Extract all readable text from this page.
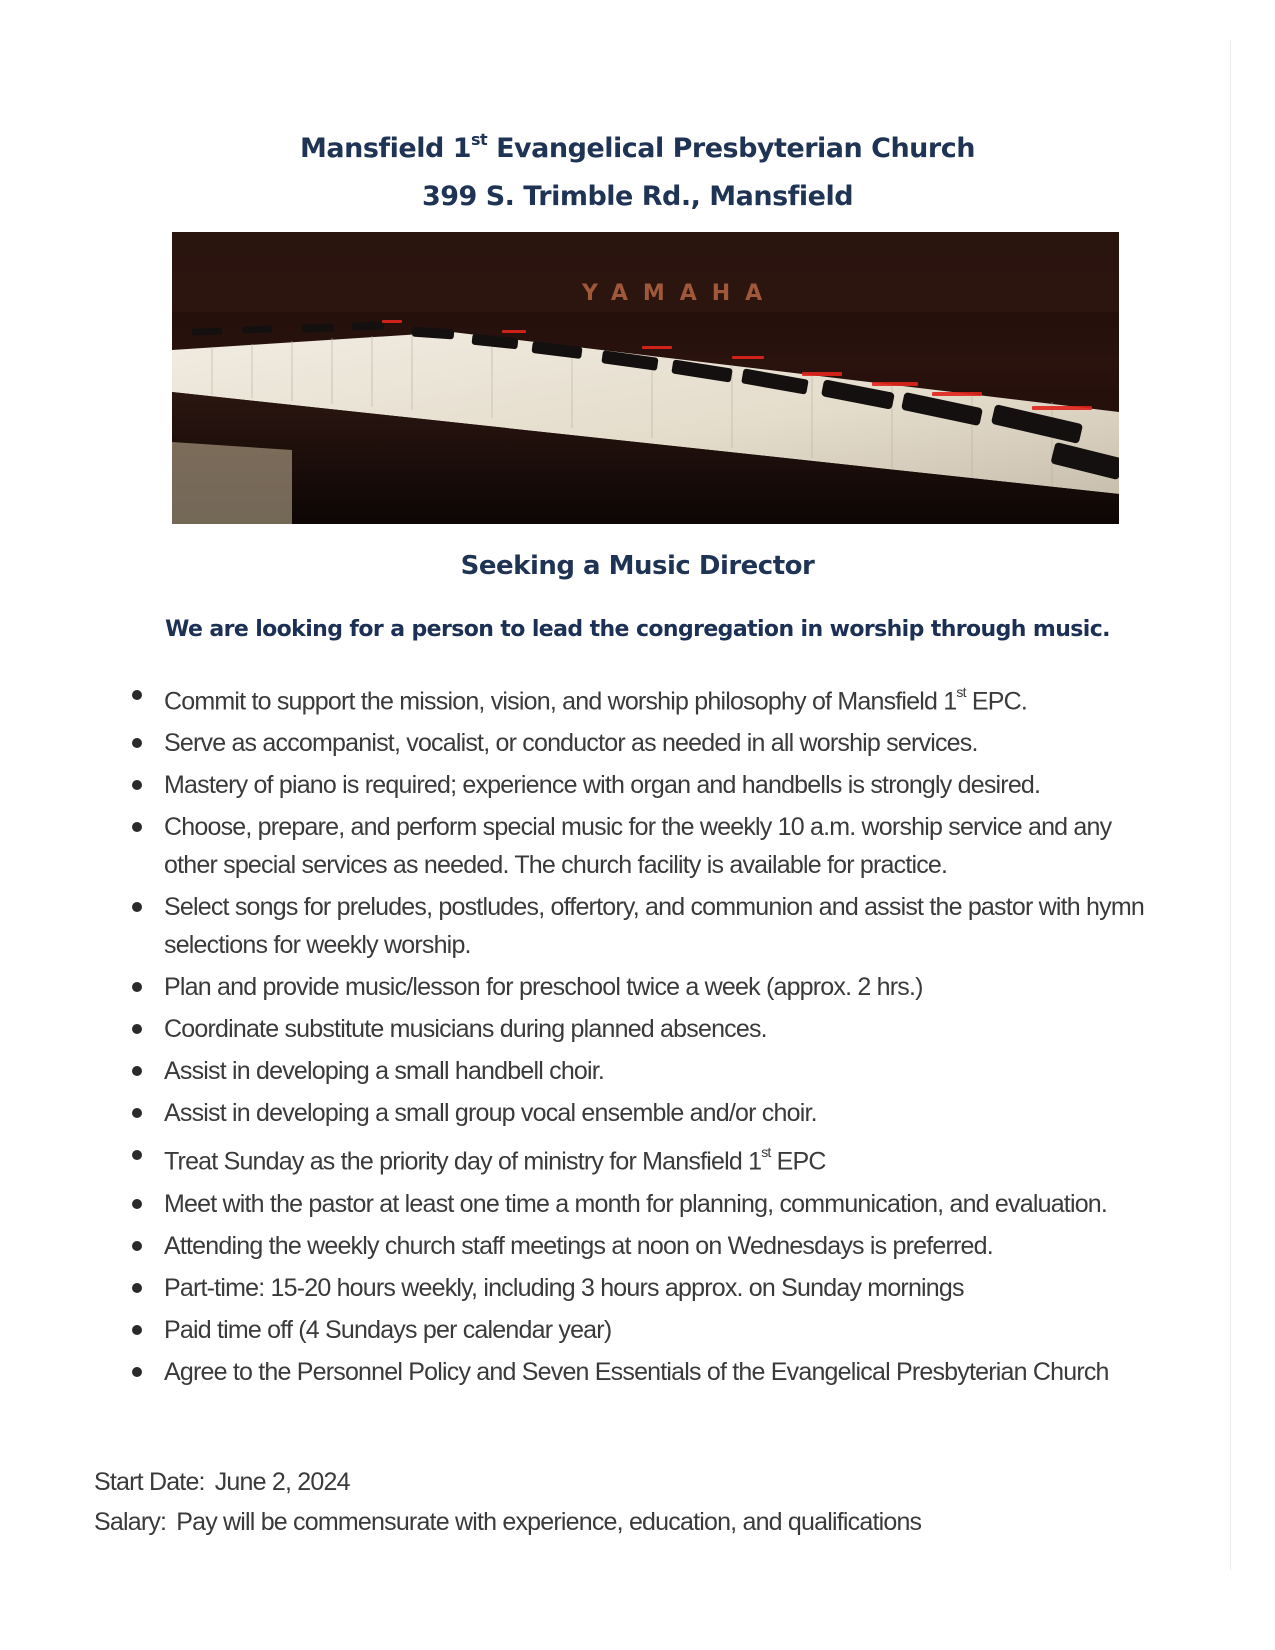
Mansfield 1st Evangelical Presbyterian Church
399 S. Trimble Rd., Mansfield
YAMAHA
Seeking a Music Director
We are looking for a person to lead the congregation in worship through music.
Commit to support the mission, vision, and worship philosophy of Mansfield 1st EPC.
Serve as accompanist, vocalist, or conductor as needed in all worship services.
Mastery of piano is required; experience with organ and handbells is strongly desired.
Choose, prepare, and perform special music for the weekly 10 a.m. worship service and any other special services as needed. The church facility is available for practice.
Select songs for preludes, postludes, offertory, and communion and assist the pastor with hymn selections for weekly worship.
Plan and provide music/lesson for preschool twice a week (approx. 2 hrs.)
Coordinate substitute musicians during planned absences.
Assist in developing a small handbell choir.
Assist in developing a small group vocal ensemble and/or choir.
Treat Sunday as the priority day of ministry for Mansfield 1st EPC
Meet with the pastor at least one time a month for planning, communication, and evaluation.
Attending the weekly church staff meetings at noon on Wednesdays is preferred.
Part-time: 15-20 hours weekly, including 3 hours approx. on Sunday mornings
Paid time off (4 Sundays per calendar year)
Agree to the Personnel Policy and Seven Essentials of the Evangelical Presbyterian Church
Start Date: June 2, 2024
Salary: Pay will be commensurate with experience, education, and qualifications
